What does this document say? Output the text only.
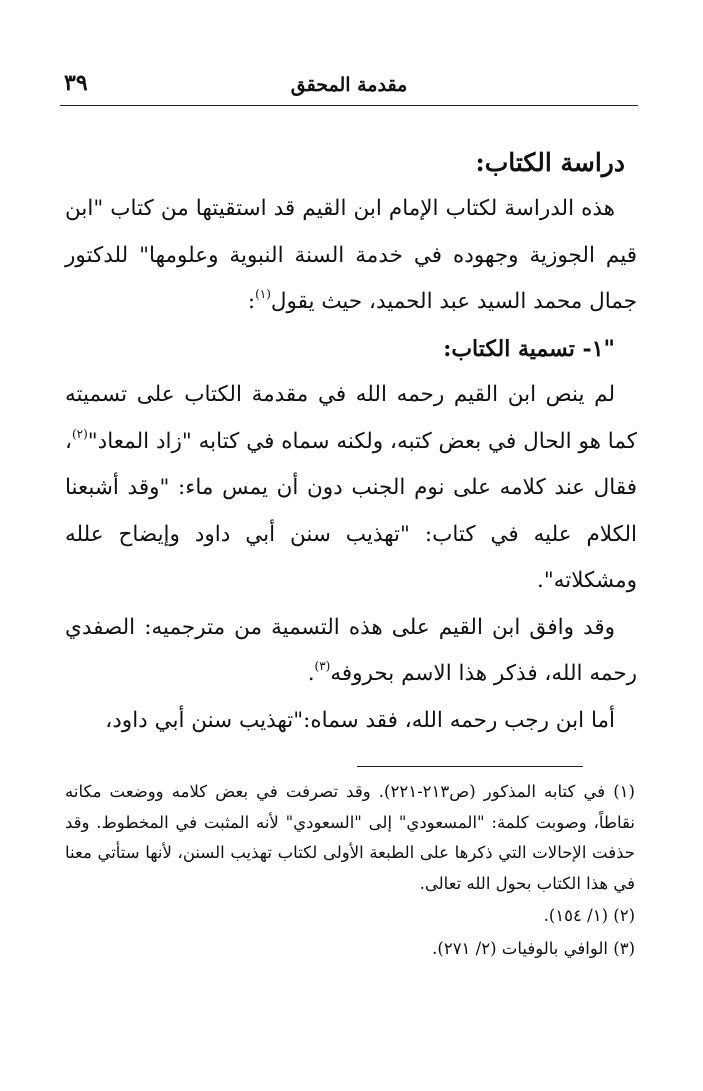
مقدمة المحقق
٣٩

دراسة الكتاب:

هذه الدراسة لكتاب الإمام ابن القيم قد استقيتها من كتاب "ابن قيم الجوزية وجهوده في خدمة السنة النبوية وعلومها" للدكتور جمال محمد السيد عبد الحميد، حيث يقول$^{(١)}$:

"١- تسمية الكتاب:

لم ينص ابن القيم رحمه الله في مقدمة الكتاب على تسميته كما هو الحال في بعض كتبه، ولكنه سماه في كتابه "زاد المعاد"$^{(٢)}$، فقال عند كلامه على نوم الجنب دون أن يمس ماء: "وقد أشبعنا الكلام عليه في كتاب: "تهذيب سنن أبي داود وإيضاح علله ومشكلاته".

وقد وافق ابن القيم على هذه التسمية من مترجميه: الصفدي رحمه الله، فذكر هذا الاسم بحروفه$^{(٣)}$.

أما ابن رجب رحمه الله، فقد سماه:"تهذيب سنن أبي داود،

(١) في كتابه المذكور (ص٢١٣-٢٢١). وقد تصرفت في بعض كلامه ووضعت مكانه نقاطاً، وصوبت كلمة: "المسعودي" إلى "السعودي" لأنه المثبت في المخطوط. وقد حذفت الإحالات التي ذكرها على الطبعة الأولى لكتاب تهذيب السنن، لأنها ستأتي معنا في هذا الكتاب بحول الله تعالى.

(٢) (١/ ١٥٤).

(٣) الوافي بالوفيات (٢/ ٢٧١).
